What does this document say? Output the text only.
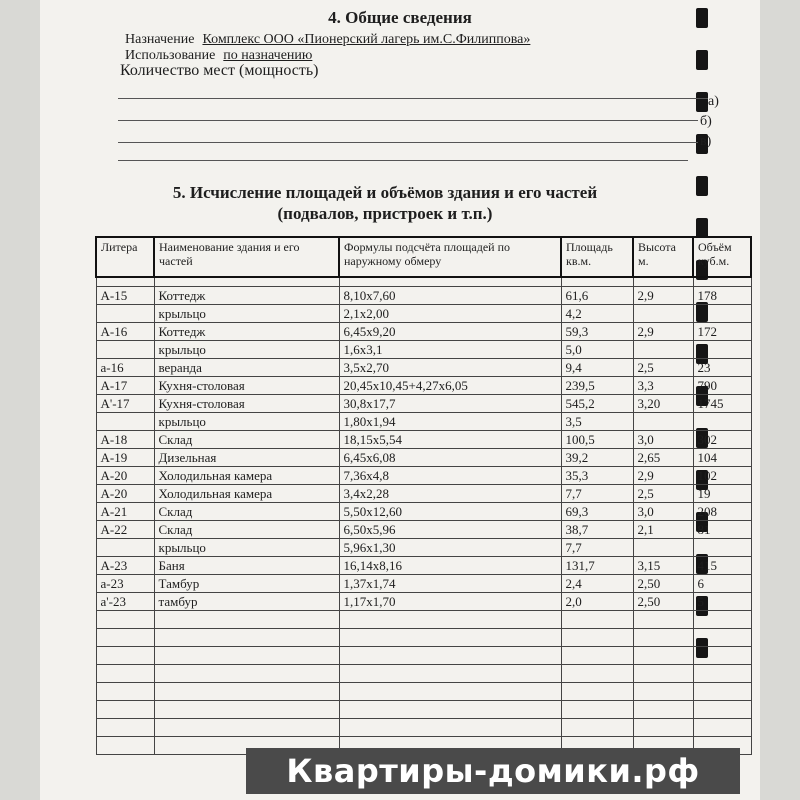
4. Общие сведения
Назначение Комплекс ООО «Пионерский лагерь им.С.Филиппова»
Использование по назначению
Количество мест (мощность)
а)
б)
в)
5. Исчисление площадей и объёмов здания и его частей
(подвалов, пристроек и т.п.)
Литера	Наименование здания и его частей	Формулы подсчёта площадей по наружному обмеру	Площадь кв.м.	Высота м.	Объём куб.м.

А-15	Коттедж	8,10х7,60	61,6	2,9	178
	крыльцо	2,1х2,00	4,2		
А-16	Коттедж	6,45х9,20	59,3	2,9	172
	крыльцо	1,6х3,1	5,0		
а-16	веранда	3,5х2,70	9,4	2,5	23
А-17	Кухня-столовая	20,45х10,45+4,27х6,05	239,5	3,3	790
А'-17	Кухня-столовая	30,8х17,7	545,2	3,20	1745
	крыльцо	1,80х1,94	3,5		
А-18	Склад	18,15х5,54	100,5	3,0	302
А-19	Дизельная	6,45х6,08	39,2	2,65	104
А-20	Холодильная камера	7,36х4,8	35,3	2,9	102
А-20	Холодильная камера	3,4х2,28	7,7	2,5	19
А-21	Склад	5,50х12,60	69,3	3,0	208
А-22	Склад	6,50х5,96	38,7	2,1	81
	крыльцо	5,96х1,30	7,7		
А-23	Баня	16,14х8,16	131,7	3,15	415
а-23	Тамбур	1,37х1,74	2,4	2,50	6
а'-23	тамбур	1,17х1,70	2,0	2,50	5

Квартиры-домики.рф
